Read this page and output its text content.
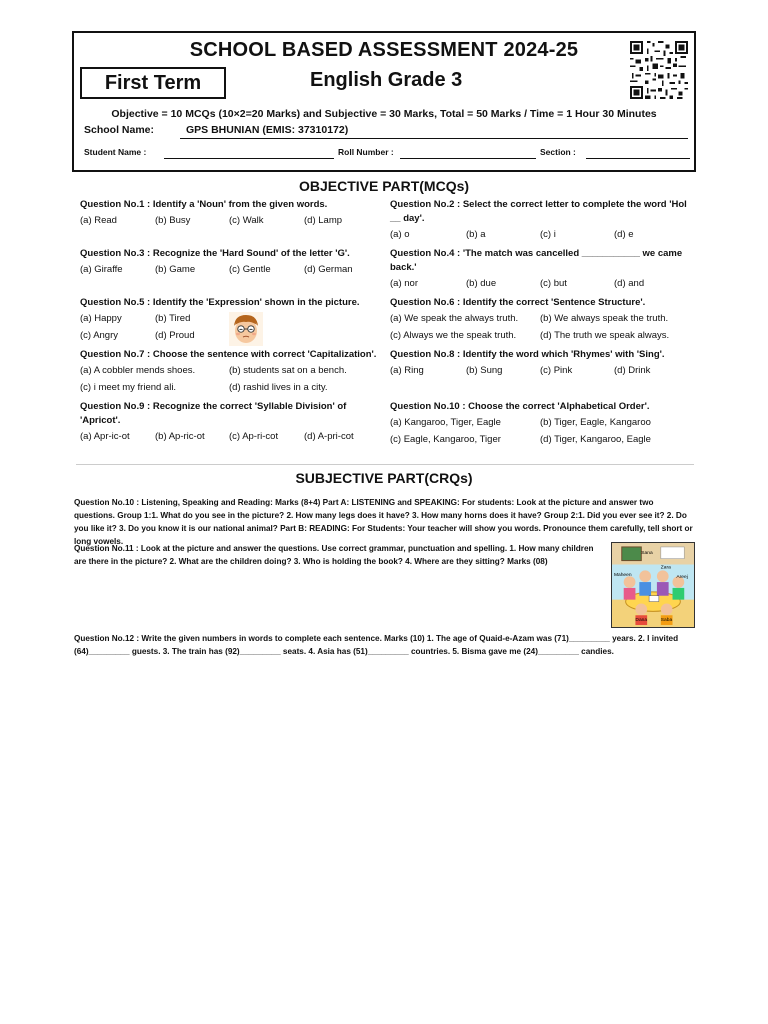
SCHOOL BASED ASSESSMENT 2024-25
First Term	English Grade 3
Objective = 10 MCQs (10×2=20 Marks) and Subjective = 30 Marks, Total = 50 Marks / Time = 1 Hour 30 Minutes
School Name:	GPS BHUNIAN (EMIS: 37310172)
Student Name :	Roll Number :	Section :
OBJECTIVE PART(MCQs)
Question No.1 : Identify a 'Noun' from the given words.
(a) Read	(b) Busy	(c) Walk	(d) Lamp
Question No.2 : Select the correct letter to complete the word 'Hol __ day'.
(a) o	(b) a	(c) i	(d) e
Question No.3 : Recognize the 'Hard Sound' of the letter 'G'.
(a) Giraffe	(b) Game	(c) Gentle	(d) German
Question No.4 : 'The match was cancelled ___________ we came back.'
(a) nor	(b) due	(c) but	(d) and
Question No.5 : Identify the 'Expression' shown in the picture.
(a) Happy	(b) Tired
(c) Angry	(d) Proud
Question No.6 : Identify the correct 'Sentence Structure'.
(a) We speak the always truth. (b) We always speak the truth.
(c) Always we the speak truth.	(d) The truth we speak always.
Question No.7 : Choose the sentence with correct 'Capitalization'.
(a) A cobbler mends shoes.	(b) students sat on a bench.
(c) i meet my friend ali.	(d) rashid lives in a city.
Question No.8 : Identify the word which 'Rhymes' with 'Sing'.
(a) Ring	(b) Sung	(c) Pink	(d) Drink
Question No.9 : Recognize the correct 'Syllable Division' of 'Apricot'.
(a) Apr-ic-ot	(b) Ap-ric-ot	(c) Ap-ri-cot	(d) A-pri-cot
Question No.10 : Choose the correct 'Alphabetical Order'.
(a) Kangaroo, Tiger, Eagle	(b) Tiger, Eagle, Kangaroo
(c) Eagle, Kangaroo, Tiger	(d) Tiger, Kangaroo, Eagle
SUBJECTIVE PART(CRQs)
Question No.10 : Listening, Speaking and Reading: Marks (8+4) Part A: LISTENING and SPEAKING: For students: Look at the picture and answer two questions. Group 1:1. What do you see in the picture? 2. How many legs does it have? 3. How many horns does it have? Group 2:1. Did you ever see it? 2. Do you like it? 3. Do you know it is our national animal? Part B: READING: For Students: Your teacher will show you words. Pronounce them carefully, tell short or long vowels.
Question No.11 : Look at the picture and answer the questions. Use correct grammar, punctuation and spelling. 1. How many children are there in the picture? 2. What are the children doing? 3. Who is holding the book? 4. Where are they sitting? Marks (08)
Sana
Zara
Maheen	Areej
Dana	Saba
Question No.12 : Write the given numbers in words to complete each sentence. Marks (10) 1. The age of Quaid-e-Azam was (71)_________ years. 2. I invited (64)_________ guests. 3. The train has (92)_________ seats. 4. Asia has (51)_________ countries. 5. Bisma gave me (24)_________ candies.
